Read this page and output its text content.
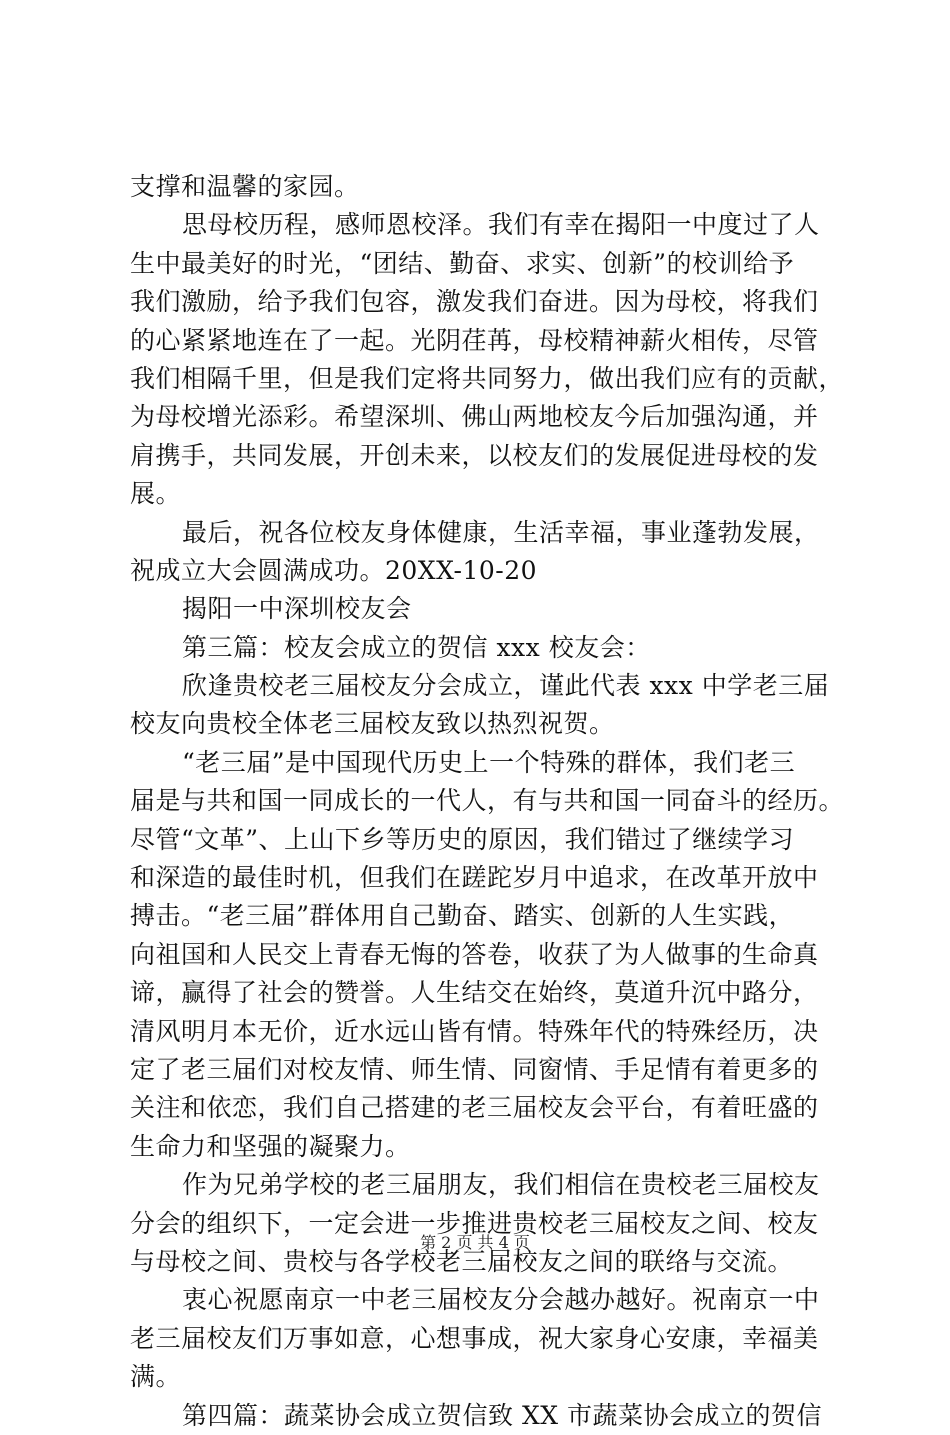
支撑和温馨的家园。
思母校历程，感师恩校泽。我们有幸在揭阳一中度过了人
生中最美好的时光，“团结、勤奋、求实、创新”的校训给予
我们激励，给予我们包容，激发我们奋进。因为母校，将我们
的心紧紧地连在了一起。光阴荏苒，母校精神薪火相传，尽管
我们相隔千里，但是我们定将共同努力，做出我们应有的贡献，
为母校增光添彩。希望深圳、佛山两地校友今后加强沟通，并
肩携手，共同发展，开创未来，以校友们的发展促进母校的发
展。
最后，祝各位校友身体健康，生活幸福，事业蓬勃发展，
祝成立大会圆满成功。20XX-10-20
揭阳一中深圳校友会
第三篇：校友会成立的贺信 xxx 校友会：
欣逢贵校老三届校友分会成立，谨此代表 xxx 中学老三届
校友向贵校全体老三届校友致以热烈祝贺。
“老三届”是中国现代历史上一个特殊的群体，我们老三
届是与共和国一同成长的一代人，有与共和国一同奋斗的经历。
尽管“文革”、上山下乡等历史的原因，我们错过了继续学习
和深造的最佳时机，但我们在蹉跎岁月中追求，在改革开放中
搏击。“老三届”群体用自己勤奋、踏实、创新的人生实践，
向祖国和人民交上青春无悔的答卷，收获了为人做事的生命真
谛，赢得了社会的赞誉。人生结交在始终，莫道升沉中路分，
清风明月本无价，近水远山皆有情。特殊年代的特殊经历，决
定了老三届们对校友情、师生情、同窗情、手足情有着更多的
关注和依恋，我们自己搭建的老三届校友会平台，有着旺盛的
生命力和坚强的凝聚力。
作为兄弟学校的老三届朋友，我们相信在贵校老三届校友
分会的组织下，一定会进一步推进贵校老三届校友之间、校友
与母校之间、贵校与各学校老三届校友之间的联络与交流。
衷心祝愿南京一中老三届校友分会越办越好。祝南京一中
老三届校友们万事如意，心想事成，祝大家身心安康，幸福美
满。
第四篇：蔬菜协会成立贺信致 XX 市蔬菜协会成立的贺信
第 2 页 共 4 页
